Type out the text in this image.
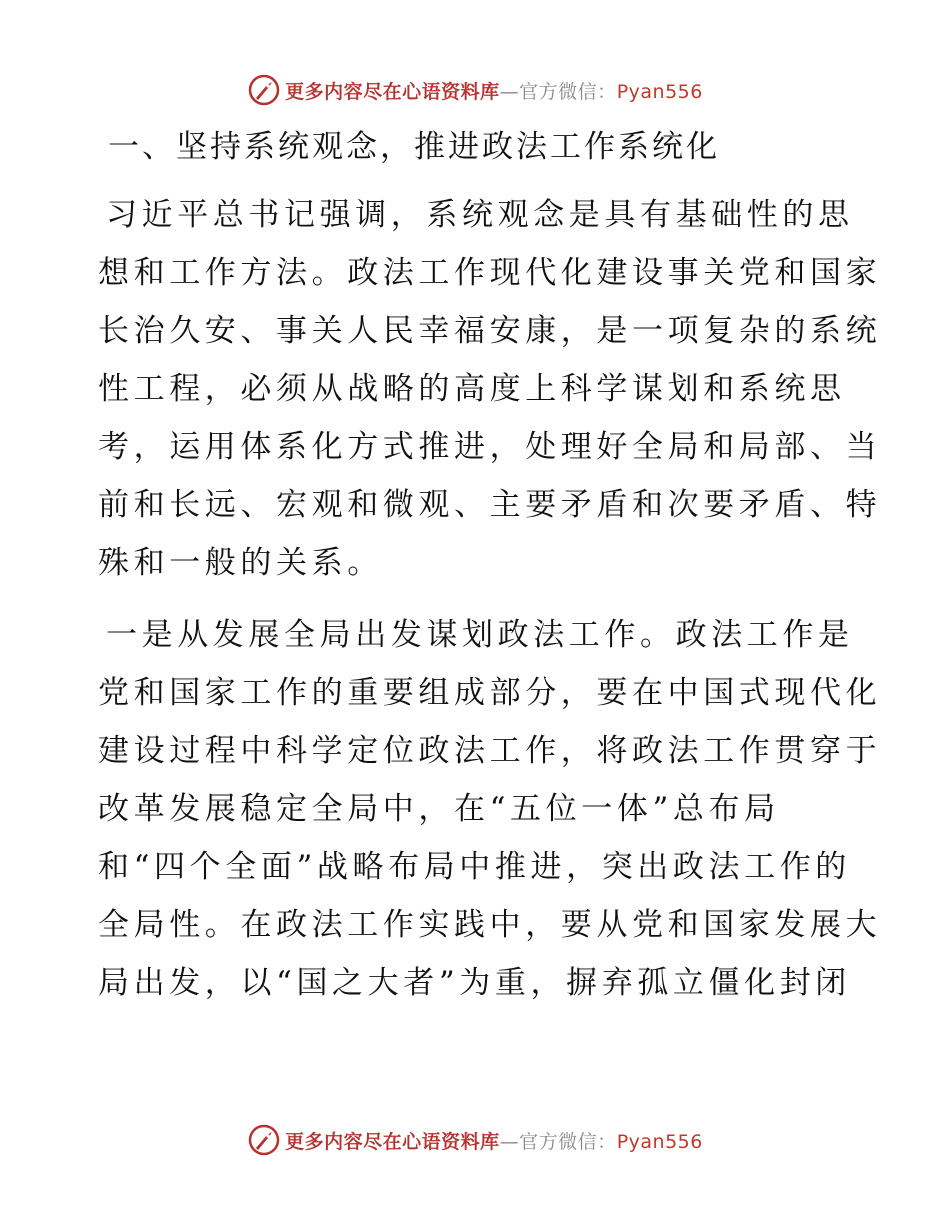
更多内容尽在心语资料库—官方微信：Pyan556
一、坚持系统观念，推进政法工作系统化
习近平总书记强调，系统观念是具有基础性的思
想和工作方法。政法工作现代化建设事关党和国家
长治久安、事关人民幸福安康，是一项复杂的系统
性工程，必须从战略的高度上科学谋划和系统思
考，运用体系化方式推进，处理好全局和局部、当
前和长远、宏观和微观、主要矛盾和次要矛盾、特
殊和一般的关系。
一是从发展全局出发谋划政法工作。政法工作是
党和国家工作的重要组成部分，要在中国式现代化
建设过程中科学定位政法工作，将政法工作贯穿于
改革发展稳定全局中，在“五位一体”总布局
和“四个全面”战略布局中推进，突出政法工作的
全局性。在政法工作实践中，要从党和国家发展大
局出发，以“国之大者”为重，摒弃孤立僵化封闭
更多内容尽在心语资料库—官方微信：Pyan556
